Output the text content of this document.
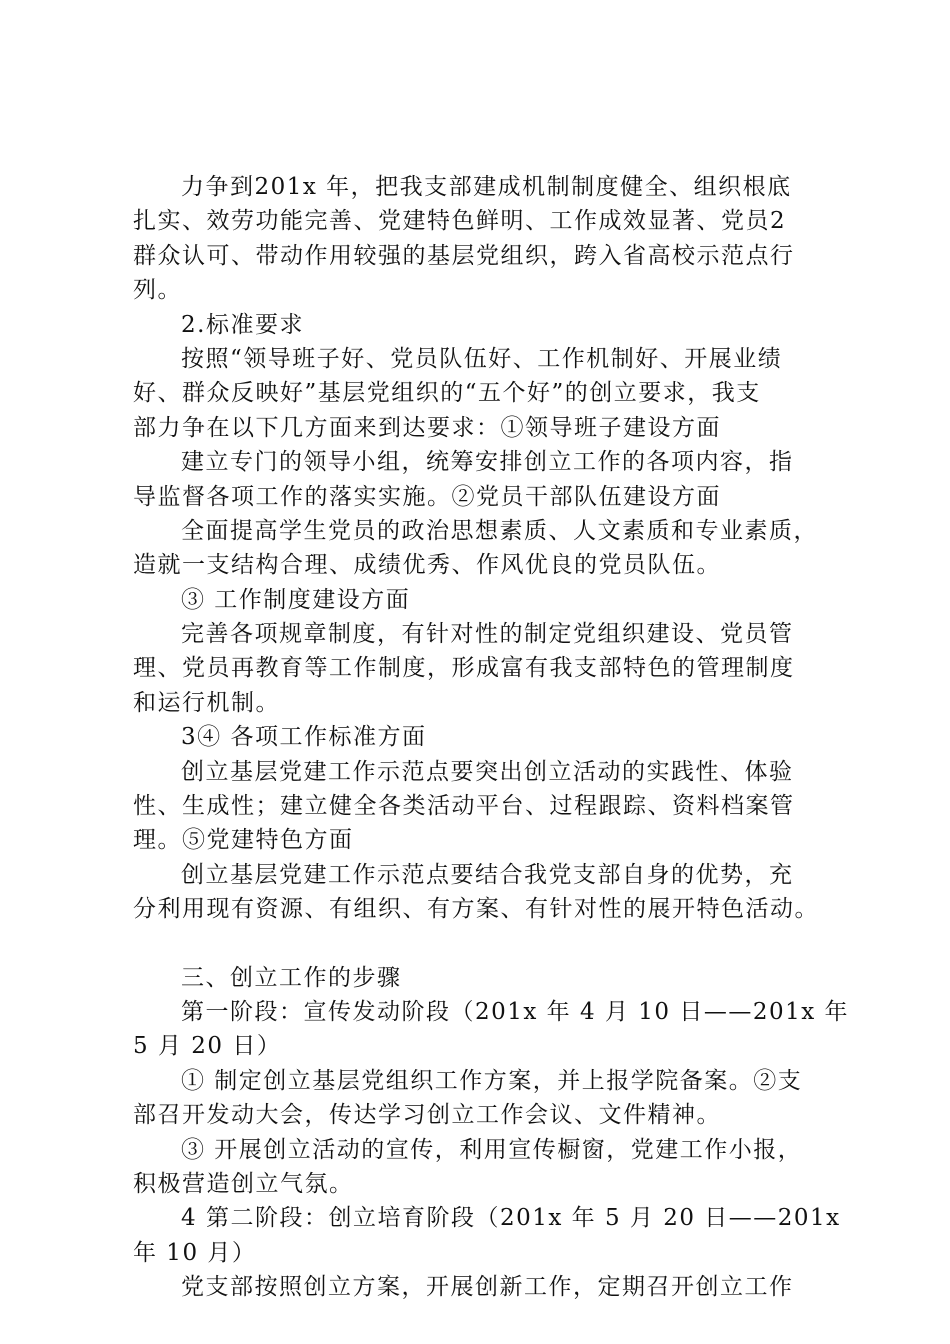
力争到201x 年，把我支部建成机制制度健全、组织根底
扎实、效劳功能完善、党建特色鲜明、工作成效显著、党员2
群众认可、带动作用较强的基层党组织，跨入省高校示范点行
列。
2.标准要求
按照“领导班子好、党员队伍好、工作机制好、开展业绩
好、群众反映好”基层党组织的“五个好”的创立要求，我支
部力争在以下几方面来到达要求：①领导班子建设方面
建立专门的领导小组，统筹安排创立工作的各项内容，指
导监督各项工作的落实实施。②党员干部队伍建设方面
全面提高学生党员的政治思想素质、人文素质和专业素质，
造就一支结构合理、成绩优秀、作风优良的党员队伍。
③ 工作制度建设方面
完善各项规章制度，有针对性的制定党组织建设、党员管
理、党员再教育等工作制度，形成富有我支部特色的管理制度
和运行机制。
3④ 各项工作标准方面
创立基层党建工作示范点要突出创立活动的实践性、体验
性、生成性；建立健全各类活动平台、过程跟踪、资料档案管
理。⑤党建特色方面
创立基层党建工作示范点要结合我党支部自身的优势，充
分利用现有资源、有组织、有方案、有针对性的展开特色活动。
三、创立工作的步骤
第一阶段：宣传发动阶段（201x 年 4 月 10 日——201x 年
5 月 20 日）
① 制定创立基层党组织工作方案，并上报学院备案。②支
部召开发动大会，传达学习创立工作会议、文件精神。
③ 开展创立活动的宣传，利用宣传橱窗，党建工作小报，
积极营造创立气氛。
4 第二阶段：创立培育阶段（201x 年 5 月 20 日——201x
年 10 月）
党支部按照创立方案，开展创新工作，定期召开创立工作
